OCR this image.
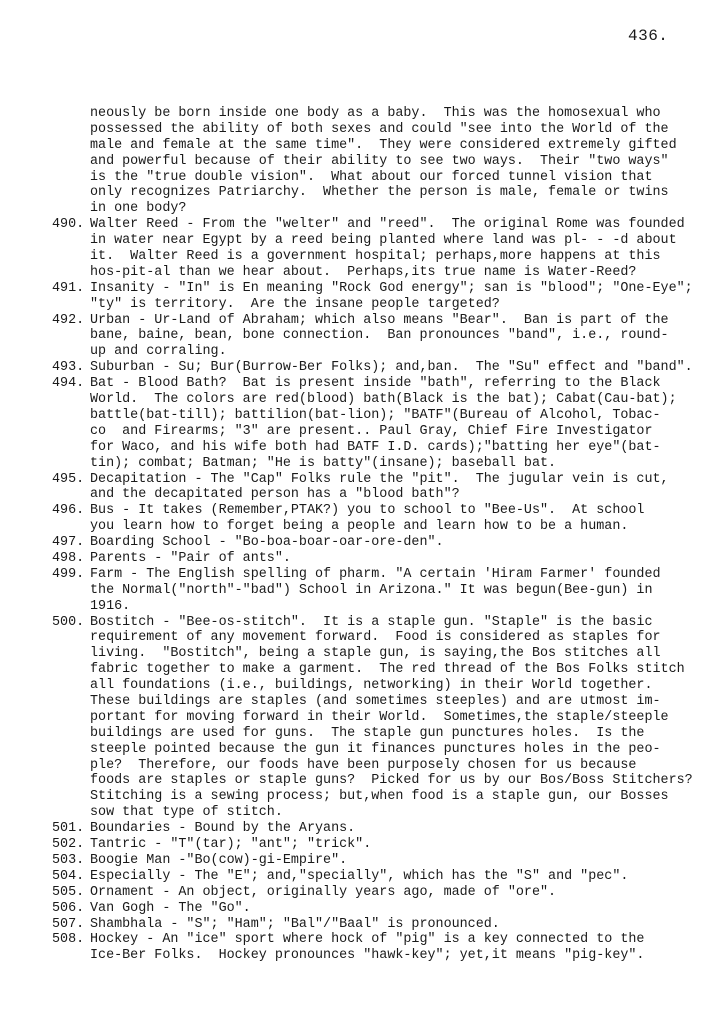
436.
neously be born inside one body as a baby.  This was the homosexual who
possessed the ability of both sexes and could "see into the World of the
male and female at the same time".  They were considered extremely gifted
and powerful because of their ability to see two ways.  Their "two ways"
is the "true double vision".  What about our forced tunnel vision that
only recognizes Patriarchy.  Whether the person is male, female or twins
in one body?
490. Walter Reed - From the "welter" and "reed".  The original Rome was founded
in water near Egypt by a reed being planted where land was pl- - -d about
it.  Walter Reed is a government hospital; perhaps,more happens at this
hos-pit-al than we hear about.  Perhaps,its true name is Water-Reed?
491. Insanity - "In" is En meaning "Rock God energy"; san is "blood"; "One-Eye";
"ty" is territory.  Are the insane people targeted?
492. Urban - Ur-Land of Abraham; which also means "Bear".  Ban is part of the
bane, baine, bean, bone connection.  Ban pronounces "band", i.e., round-
up and corraling.
493. Suburban - Su; Bur(Burrow-Ber Folks); and,ban.  The "Su" effect and "band".
494. Bat - Blood Bath?  Bat is present inside "bath", referring to the Black
World.  The colors are red(blood) bath(Black is the bat); Cabat(Cau-bat);
battle(bat-till); battilion(bat-lion); "BATF"(Bureau of Alcohol, Tobac-
co  and Firearms; "3" are present.. Paul Gray, Chief Fire Investigator
for Waco, and his wife both had BATF I.D. cards);"batting her eye"(bat-
tin); combat; Batman; "He is batty"(insane); baseball bat.
495. Decapitation - The "Cap" Folks rule the "pit".  The jugular vein is cut,
and the decapitated person has a "blood bath"?
496. Bus - It takes (Remember,PTAK?) you to school to "Bee-Us".  At school
you learn how to forget being a people and learn how to be a human.
497. Boarding School - "Bo-boa-boar-oar-ore-den".
498. Parents - "Pair of ants".
499. Farm - The English spelling of pharm. "A certain 'Hiram Farmer' founded
the Normal("north"-"bad") School in Arizona." It was begun(Bee-gun) in
1916.
500. Bostitch - "Bee-os-stitch".  It is a staple gun. "Staple" is the basic
requirement of any movement forward.  Food is considered as staples for
living.  "Bostitch", being a staple gun, is saying,the Bos stitches all
fabric together to make a garment.  The red thread of the Bos Folks stitch
all foundations (i.e., buildings, networking) in their World together.
These buildings are staples (and sometimes steeples) and are utmost im-
portant for moving forward in their World.  Sometimes,the staple/steeple
buildings are used for guns.  The staple gun punctures holes.  Is the
steeple pointed because the gun it finances punctures holes in the peo-
ple?  Therefore, our foods have been purposely chosen for us because
foods are staples or staple guns?  Picked for us by our Bos/Boss Stitchers?
Stitching is a sewing process; but,when food is a staple gun, our Bosses
sow that type of stitch.
501. Boundaries - Bound by the Aryans.
502. Tantric - "T"(tar); "ant"; "trick".
503. Boogie Man -"Bo(cow)-gi-Empire".
504. Especially - The "E"; and,"specially", which has the "S" and "pec".
505. Ornament - An object, originally years ago, made of "ore".
506. Van Gogh - The "Go".
507. Shambhala - "S"; "Ham"; "Bal"/"Baal" is pronounced.
508. Hockey - An "ice" sport where hock of "pig" is a key connected to the
Ice-Ber Folks.  Hockey pronounces "hawk-key"; yet,it means "pig-key".
